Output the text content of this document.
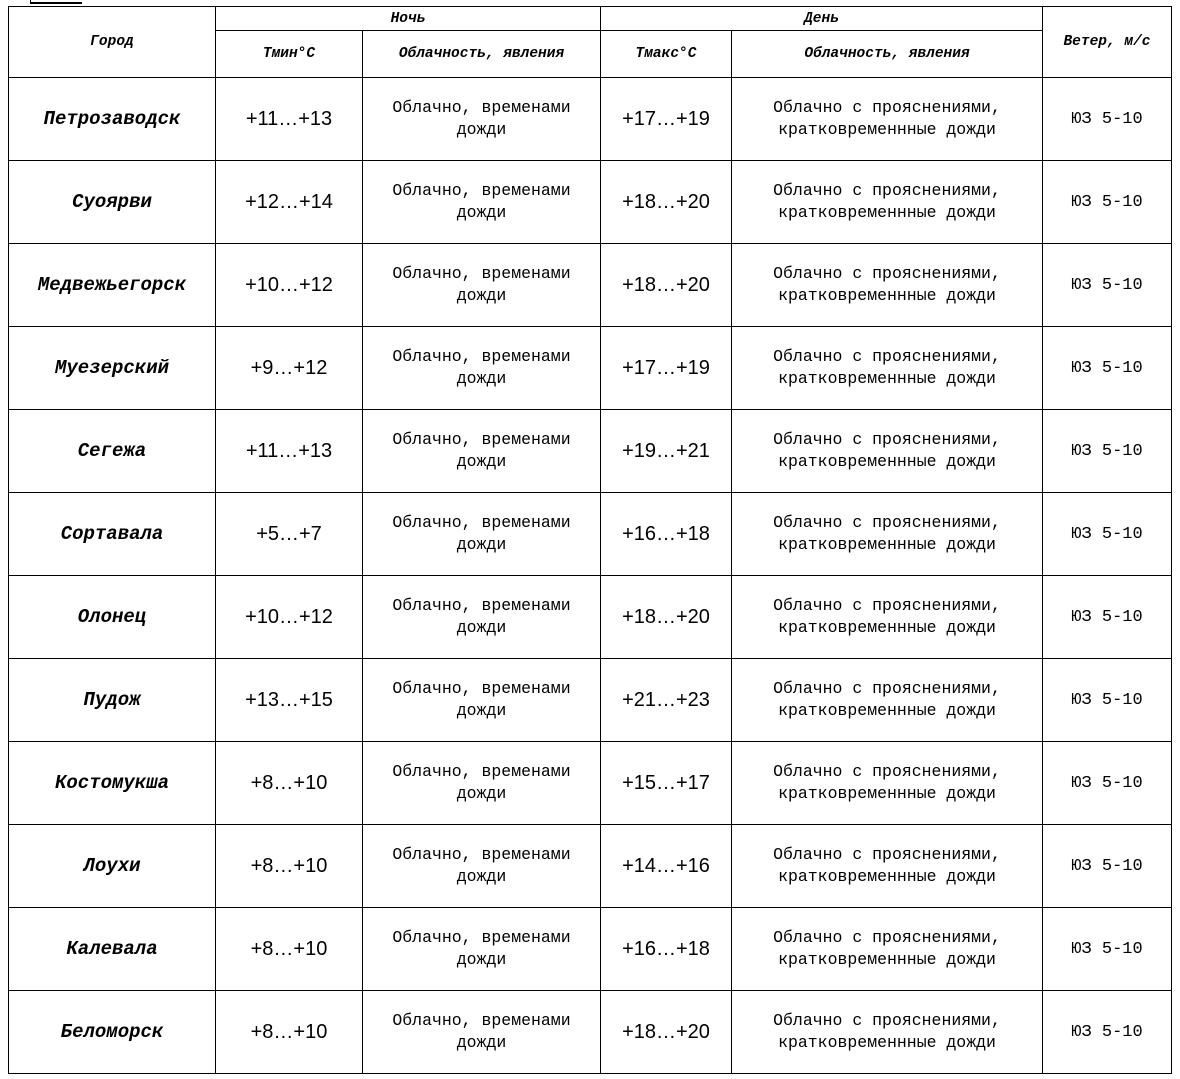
Город	Ночь		День		Ветер, м/с

	Тмин°C	Облачность, явления	Тмакс°C	Облачность, явления	

Петрозаводск	+11…+13	Облачно, временами дожди	+17…+19	Облачно с прояснениями, кратковременнные дожди	ЮЗ 5-10

Суоярви	+12…+14	Облачно, временами дожди	+18…+20	Облачно с прояснениями, кратковременнные дожди	ЮЗ 5-10

Медвежьегорск	+10…+12	Облачно, временами дожди	+18…+20	Облачно с прояснениями, кратковременнные дожди	ЮЗ 5-10

Муезерский	+9…+12	Облачно, временами дожди	+17…+19	Облачно с прояснениями, кратковременнные дожди	ЮЗ 5-10

Сегежа	+11…+13	Облачно, временами дожди	+19…+21	Облачно с прояснениями, кратковременнные дожди	ЮЗ 5-10

Сортавала	+5…+7	Облачно, временами дожди	+16…+18	Облачно с прояснениями, кратковременнные дожди	ЮЗ 5-10

Олонец	+10…+12	Облачно, временами дожди	+18…+20	Облачно с прояснениями, кратковременнные дожди	ЮЗ 5-10

Пудож	+13…+15	Облачно, временами дожди	+21…+23	Облачно с прояснениями, кратковременнные дожди	ЮЗ 5-10

Костомукша	+8…+10	Облачно, временами дожди	+15…+17	Облачно с прояснениями, кратковременнные дожди	ЮЗ 5-10

Лоухи	+8…+10	Облачно, временами дожди	+14…+16	Облачно с прояснениями, кратковременнные дожди	ЮЗ 5-10

Калевала	+8…+10	Облачно, временами дожди	+16…+18	Облачно с прояснениями, кратковременнные дожди	ЮЗ 5-10

Беломорск	+8…+10	Облачно, временами дожди	+18…+20	Облачно с прояснениями, кратковременнные дожди	ЮЗ 5-10
